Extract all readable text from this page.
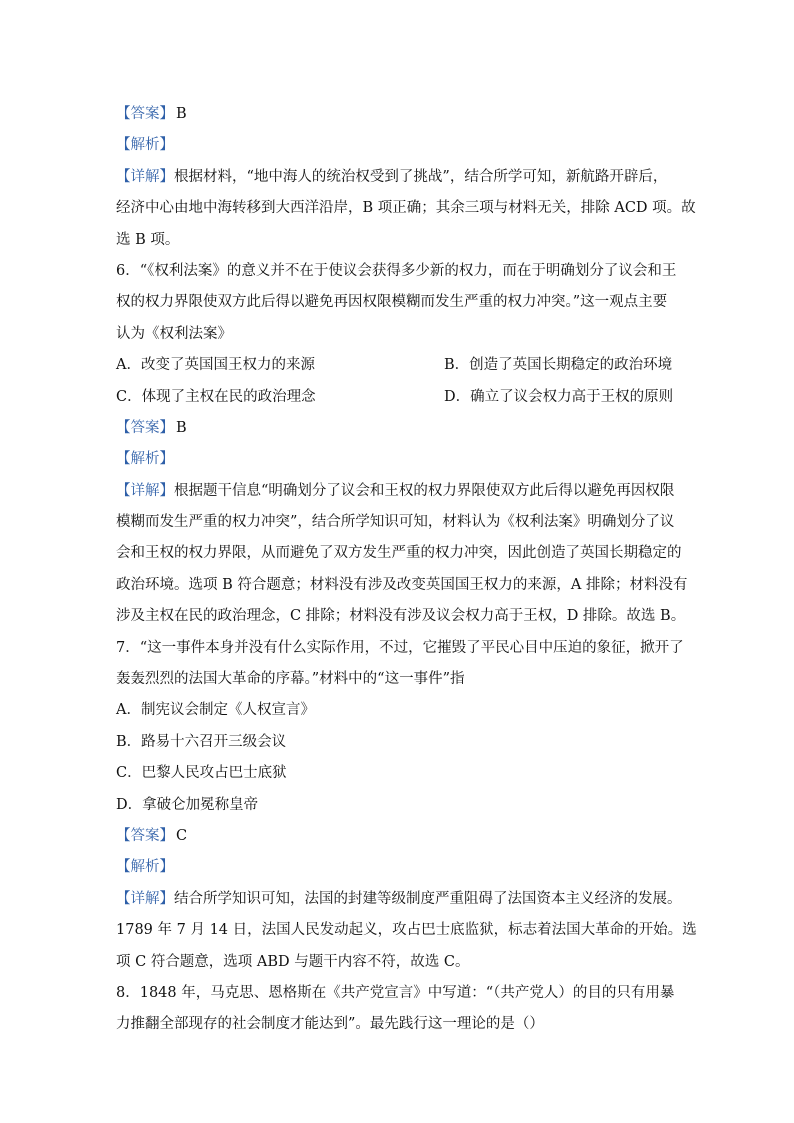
【答案】 B
【解析】
【详解】根据材料，“地中海人的统治权受到了挑战”，结合所学可知，新航路开辟后，
经济中心由地中海转移到大西洋沿岸，B 项正确；其余三项与材料无关，排除 ACD 项。故
选 B 项。
6．“《权利法案》的意义并不在于使议会获得多少新的权力，而在于明确划分了议会和王
权的权力界限使双方此后得以避免再因权限模糊而发生严重的权力冲突。”这一观点主要
认为《权利法案》
A．改变了英国国王权力的来源	B．创造了英国长期稳定的政治环境
C．体现了主权在民的政治理念	D．确立了议会权力高于王权的原则
【答案】 B
【解析】
【详解】根据题干信息“明确划分了议会和王权的权力界限使双方此后得以避免再因权限
模糊而发生严重的权力冲突”，结合所学知识可知，材料认为《权利法案》明确划分了议
会和王权的权力界限，从而避免了双方发生严重的权力冲突，因此创造了英国长期稳定的
政治环境。选项 B 符合题意；材料没有涉及改变英国国王权力的来源，A 排除；材料没有
涉及主权在民的政治理念，C 排除；材料没有涉及议会权力高于王权，D 排除。故选 B。
7．“这一事件本身并没有什么实际作用，不过，它摧毁了平民心目中压迫的象征，掀开了
轰轰烈烈的法国大革命的序幕。”材料中的“这一事件”指
A．制宪议会制定《人权宣言》
B．路易十六召开三级会议
C．巴黎人民攻占巴士底狱
D．拿破仑加冕称皇帝
【答案】 C
【解析】
【详解】结合所学知识可知，法国的封建等级制度严重阻碍了法国资本主义经济的发展。
1789 年 7 月 14 日，法国人民发动起义，攻占巴士底监狱，标志着法国大革命的开始。选
项 C 符合题意，选项 ABD 与题干内容不符，故选 C。
8．1848 年，马克思、恩格斯在《共产党宣言》中写道：“（共产党人）的目的只有用暴
力推翻全部现存的社会制度才能达到”。最先践行这一理论的是（）
